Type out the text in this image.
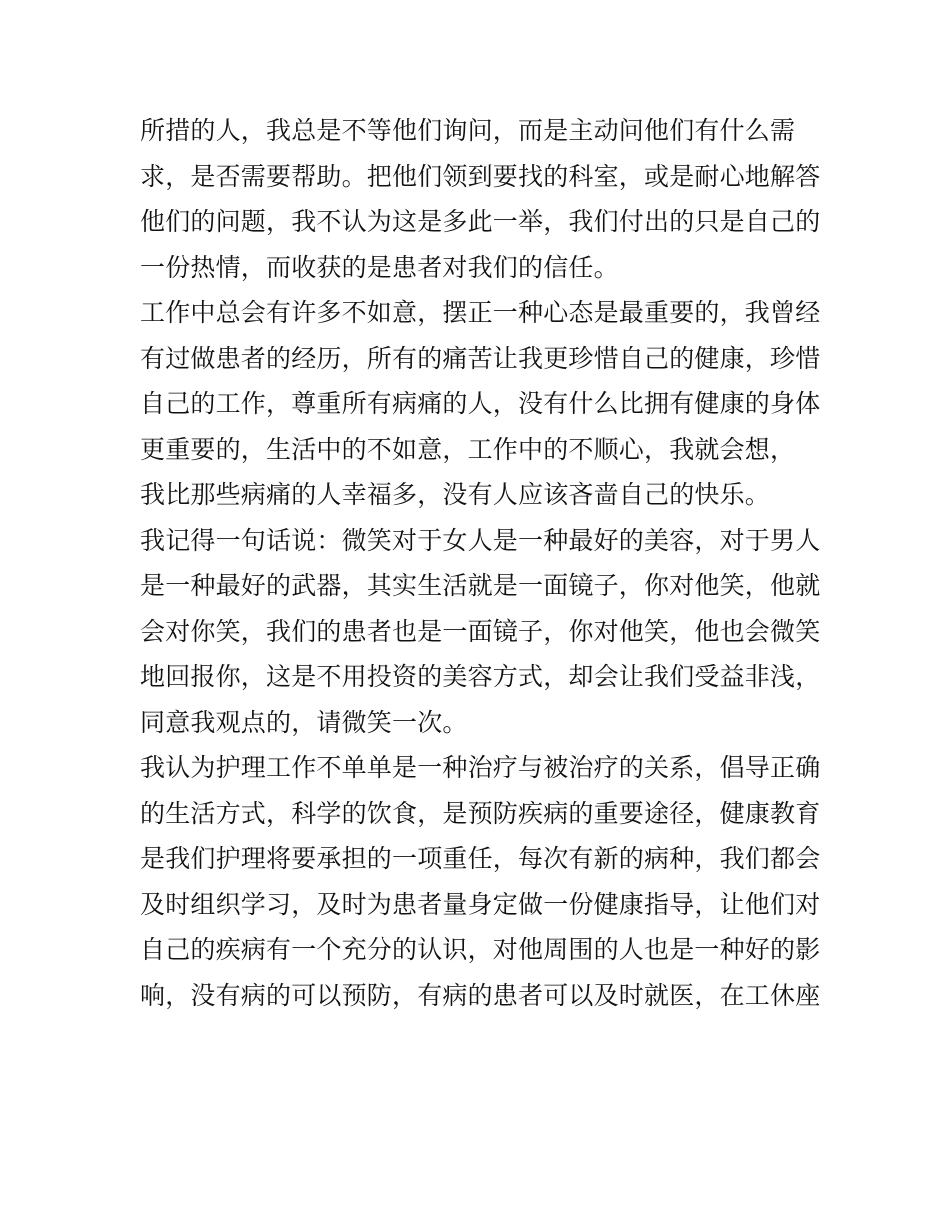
所措的人，我总是不等他们询问，而是主动问他们有什么需
求，是否需要帮助。把他们领到要找的科室，或是耐心地解答
他们的问题，我不认为这是多此一举，我们付出的只是自己的
一份热情，而收获的是患者对我们的信任。
工作中总会有许多不如意，摆正一种心态是最重要的，我曾经
有过做患者的经历，所有的痛苦让我更珍惜自己的健康，珍惜
自己的工作，尊重所有病痛的人，没有什么比拥有健康的身体
更重要的，生活中的不如意，工作中的不顺心，我就会想，
我比那些病痛的人幸福多，没有人应该吝啬自己的快乐。
我记得一句话说：微笑对于女人是一种最好的美容，对于男人
是一种最好的武器，其实生活就是一面镜子，你对他笑，他就
会对你笑，我们的患者也是一面镜子，你对他笑，他也会微笑
地回报你，这是不用投资的美容方式，却会让我们受益非浅，
同意我观点的，请微笑一次。
我认为护理工作不单单是一种治疗与被治疗的关系，倡导正确
的生活方式，科学的饮食，是预防疾病的重要途径，健康教育
是我们护理将要承担的一项重任，每次有新的病种，我们都会
及时组织学习，及时为患者量身定做一份健康指导，让他们对
自己的疾病有一个充分的认识，对他周围的人也是一种好的影
响，没有病的可以预防，有病的患者可以及时就医，在工休座
